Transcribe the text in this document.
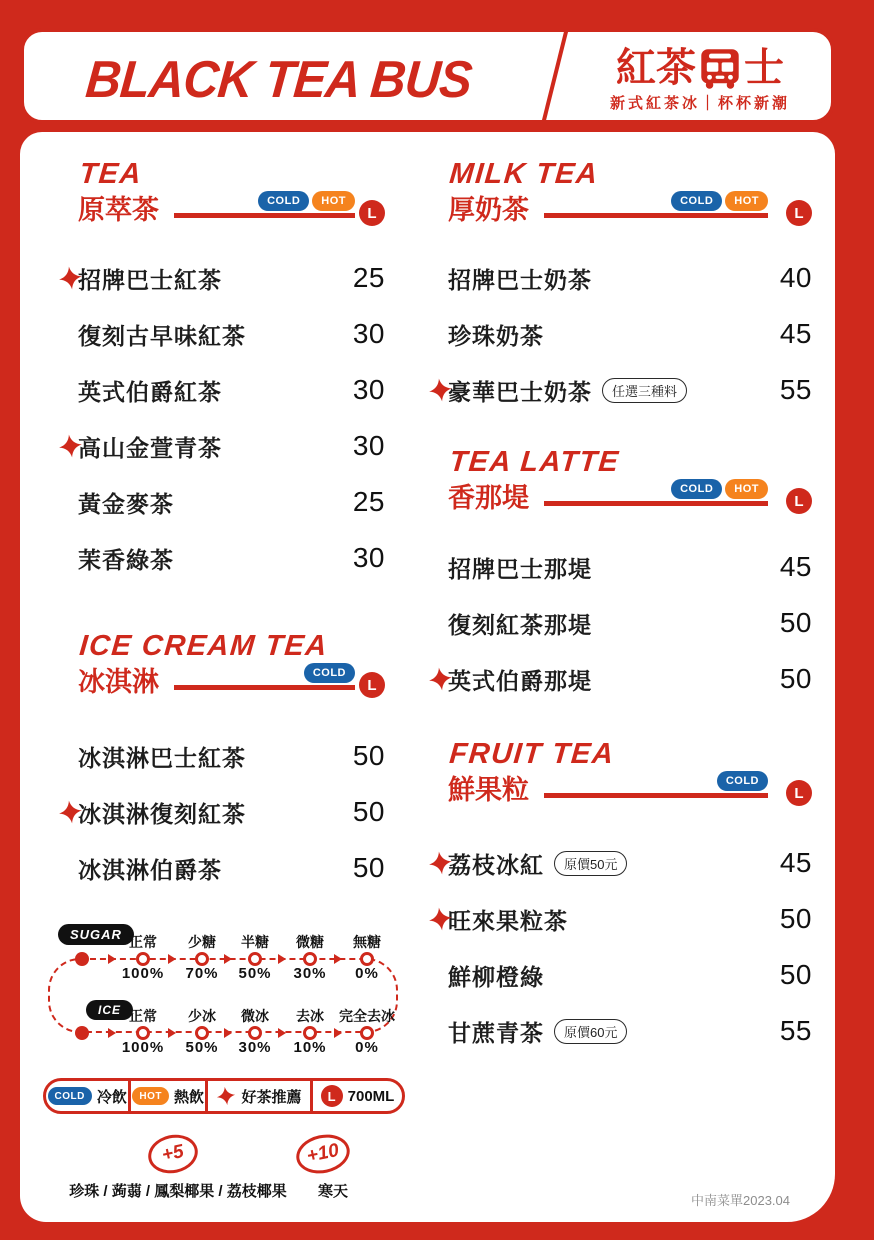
BLACK TEA BUS	紅茶 士
新式紅茶冰｜杯杯新潮
TEA
原萃茶	COLD	HOT
L
招牌巴士紅茶	25
復刻古早味紅茶	30
英式伯爵紅茶	30
高山金萱青茶	30
黃金麥茶	25
茉香綠茶	30
ICE CREAM TEA
冰淇淋	COLD
L
冰淇淋巴士紅茶	50
冰淇淋復刻紅茶	50
冰淇淋伯爵茶	50
MILK TEA
厚奶茶	COLD	HOT
L
招牌巴士奶茶	40
珍珠奶茶	45
豪華巴士奶茶	任選三種料	55
TEA LATTE
香那堤	COLD	HOT
L
招牌巴士那堤	45
復刻紅茶那堤	50
英式伯爵那堤	50
FRUIT TEA
鮮果粒	COLD
L
荔枝冰紅	原價50元	45
旺來果粒茶	50
鮮柳橙綠	50
甘蔗青茶	原價60元	55
SUGAR
ICE
正常	少糖	半糖	微糖	無糖
100%	70%	50%	30%	0%
正常	少冰	微冰	去冰	完全去冰
100%	50%	30%	10%	0%
COLD 冷飲	HOT 熱飲 好茶推薦	L 700ML
+5	+10
珍珠 / 蒟蒻 / 鳳梨椰果 / 荔枝椰果	寒天
中南菜單2023.04
